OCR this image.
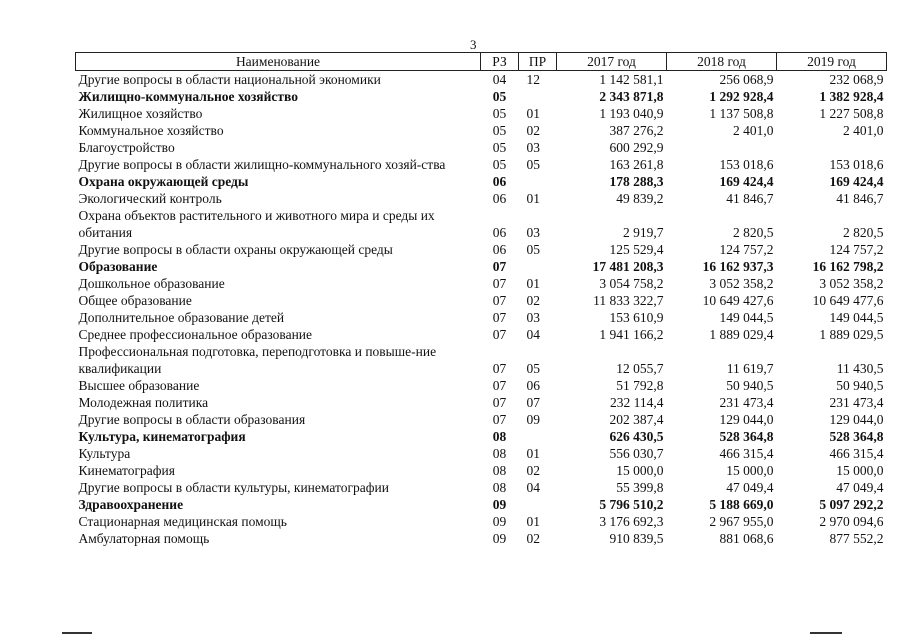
3
Наименование	РЗ	ПР	2017 год	2018 год	2019 год
Другие вопросы в области национальной экономики	04	12	1 142 581,1	256 068,9	232 068,9
Жилищно-коммунальное хозяйство	05		2 343 871,8	1 292 928,4	1 382 928,4
Жилищное хозяйство	05	01	1 193 040,9	1 137 508,8	1 227 508,8
Коммунальное хозяйство	05	02	387 276,2	2 401,0	2 401,0
Благоустройство	05	03	600 292,9		
Другие вопросы в области жилищно-коммунального хозяй-ства	05	05	163 261,8	153 018,6	153 018,6
Охрана окружающей среды	06		178 288,3	169 424,4	169 424,4
Экологический контроль	06	01	49 839,2	41 846,7	41 846,7
Охрана объектов растительного и животного мира и среды их обитания	06	03	2 919,7	2 820,5	2 820,5
Другие вопросы в области охраны окружающей среды	06	05	125 529,4	124 757,2	124 757,2
Образование	07		17 481 208,3	16 162 937,3	16 162 798,2
Дошкольное образование	07	01	3 054 758,2	3 052 358,2	3 052 358,2
Общее образование	07	02	11 833 322,7	10 649 427,6	10 649 477,6
Дополнительное образование детей	07	03	153 610,9	149 044,5	149 044,5
Среднее профессиональное образование	07	04	1 941 166,2	1 889 029,4	1 889 029,5
Профессиональная подготовка, переподготовка и повыше-ние квалификации	07	05	12 055,7	11 619,7	11 430,5
Высшее образование	07	06	51 792,8	50 940,5	50 940,5
Молодежная политика	07	07	232 114,4	231 473,4	231 473,4
Другие вопросы в области образования	07	09	202 387,4	129 044,0	129 044,0
Культура, кинематография	08		626 430,5	528 364,8	528 364,8
Культура	08	01	556 030,7	466 315,4	466 315,4
Кинематография	08	02	15 000,0	15 000,0	15 000,0
Другие вопросы в области культуры, кинематографии	08	04	55 399,8	47 049,4	47 049,4
Здравоохранение	09		5 796 510,2	5 188 669,0	5 097 292,2
Стационарная медицинская помощь	09	01	3 176 692,3	2 967 955,0	2 970 094,6
Амбулаторная помощь	09	02	910 839,5	881 068,6	877 552,2
